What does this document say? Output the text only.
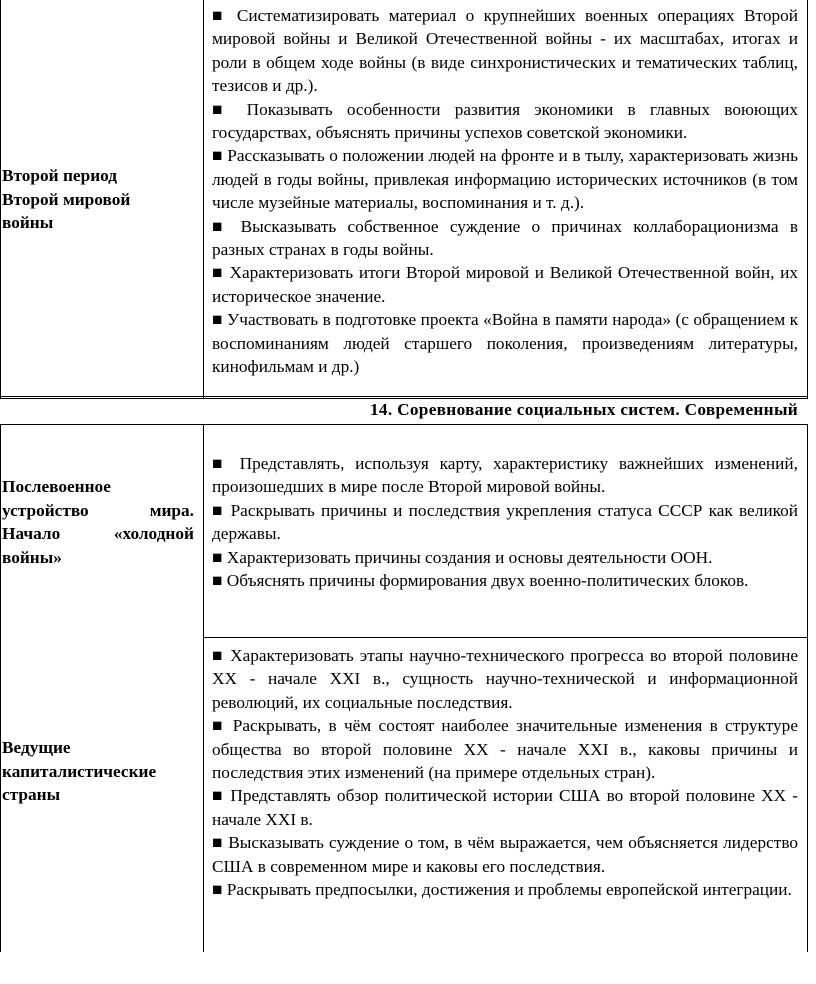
Второй период Второй мировой войны

■ Систематизировать материал о крупнейших военных операциях Второй мировой войны и Великой Отечественной войны - их масштабах, итогах и роли в общем ходе войны (в виде синхронистических и тематических таблиц, тезисов и др.).

■ Показывать особенности развития экономики в главных воюющих государствах, объяснять причины успехов советской экономики.

■ Рассказывать о положении людей на фронте и в тылу, характеризовать жизнь людей в годы войны, привлекая информацию исторических источников (в том числе музейные материалы, воспоминания и т. д.).

■ Высказывать собственное суждение о причинах коллаборационизма в разных странах в годы войны.

■ Характеризовать итоги Второй мировой и Великой Отечественной войн, их историческое значение.

■ Участвовать в подготовке проекта «Война в памяти народа» (с обращением к воспоминаниям людей старшего поколения, произведениям литературы, кинофильмам и др.)

14. Соревнование социальных систем. Современный
Послевоенное устройство мира. Начало «холодной войны»

■ Представлять, используя карту, характеристику важнейших изменений, произошедших в мире после Второй мировой войны.

■ Раскрывать причины и последствия укрепления статуса СССР как великой державы.

■ Характеризовать причины создания и основы деятельности ООН.

■ Объяснять причины формирования двух военно-политических блоков.

Ведущие капиталистические страны

■ Характеризовать этапы научно-технического прогресса во второй половине XX - начале XXI в., сущность научно-технической и информационной революций, их социальные последствия.

■ Раскрывать, в чём состоят наиболее значительные изменения в структуре общества во второй половине XX - начале XXI в., каковы причины и последствия этих изменений (на примере отдельных стран).

■ Представлять обзор политической истории США во второй половине XX - начале XXI в.

■ Высказывать суждение о том, в чём выражается, чем объясняется лидерство США в современном мире и каковы его последствия.

■ Раскрывать предпосылки, достижения и проблемы европейской интеграции.
